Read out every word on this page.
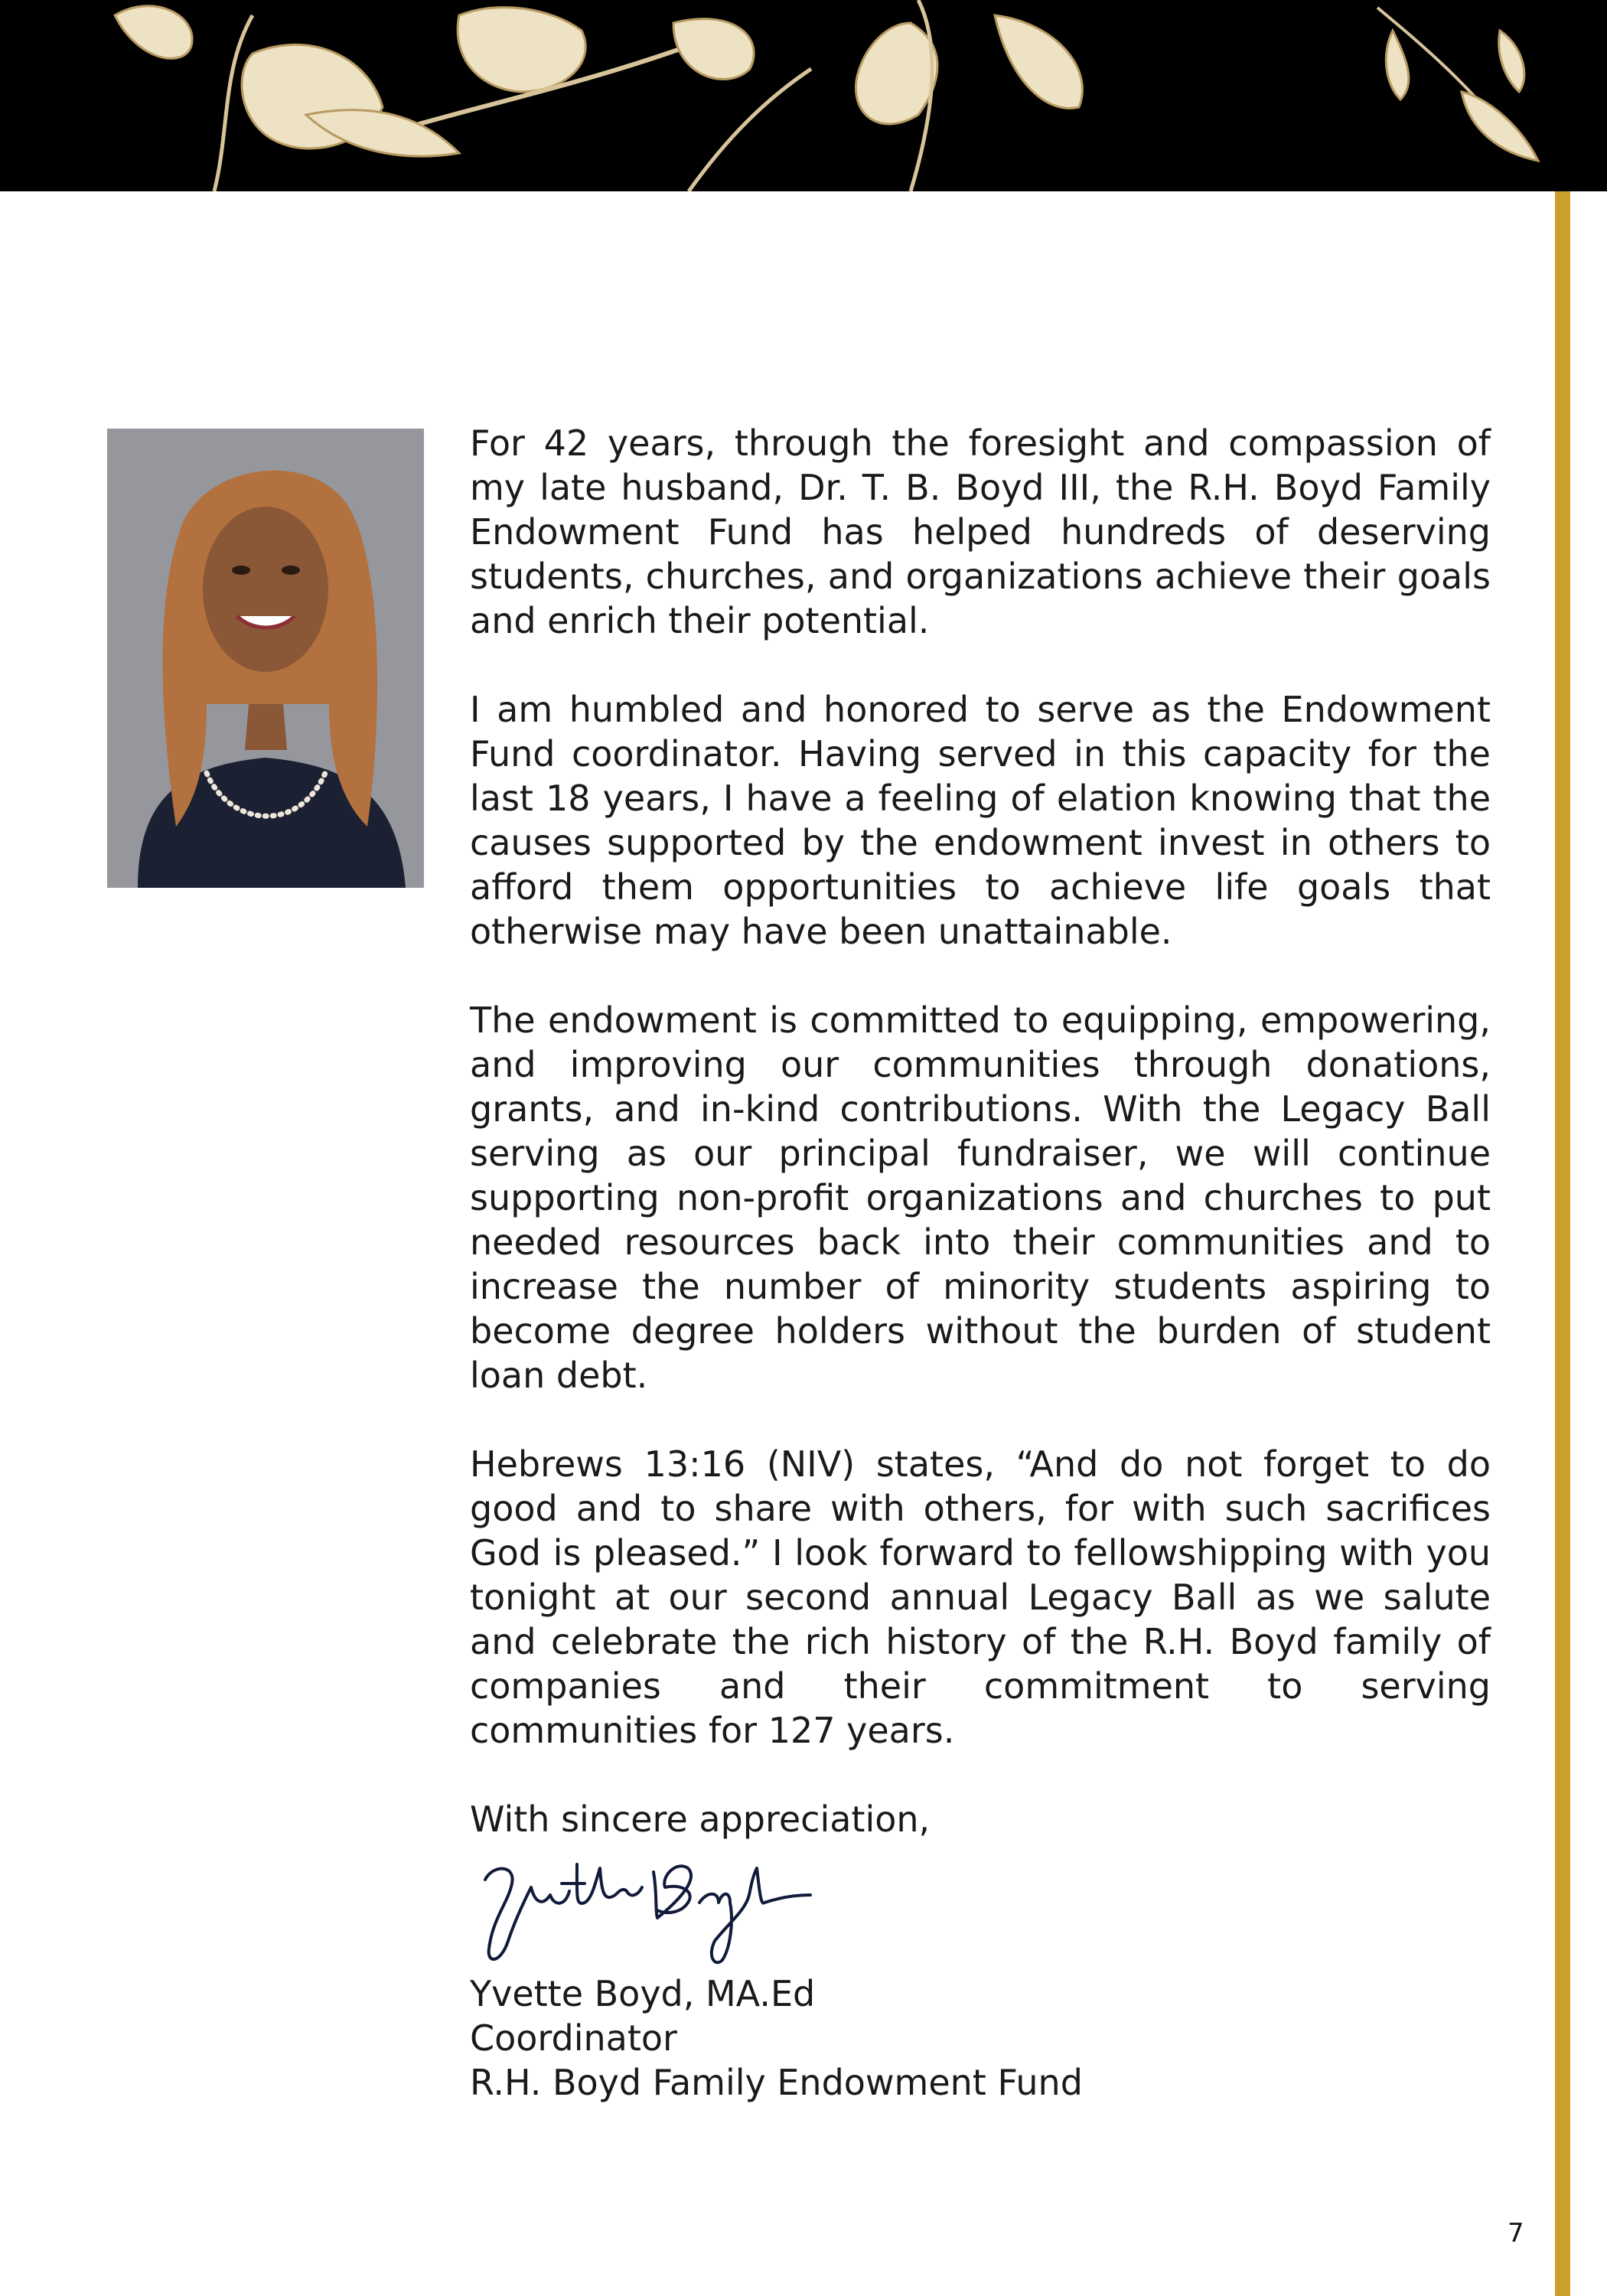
For 42 years, through the foresight and compassion of my late husband, Dr. T. B. Boyd III, the R.H. Boyd Family Endowment Fund has helped hundreds of deserving students, churches, and organizations achieve their goals and enrich their potential.

I am humbled and honored to serve as the Endowment Fund coordinator. Having served in this capacity for the last 18 years, I have a feeling of elation knowing that the causes supported by the endowment invest in others to afford them opportunities to achieve life goals that otherwise may have been unattainable.

The endowment is committed to equipping, empowering, and improving our communities through donations, grants, and in-kind contributions. With the Legacy Ball serving as our principal fundraiser, we will continue supporting non-profit organizations and churches to put needed resources back into their communities and to increase the number of minority students aspiring to become degree holders without the burden of student loan debt.

Hebrews 13:16 (NIV) states, “And do not forget to do good and to share with others, for with such sacrifices God is pleased.” I look forward to fellowshipping with you tonight at our second annual Legacy Ball as we salute and celebrate the rich history of the R.H. Boyd family of companies and their commitment to serving communities for 127 years.

With sincere appreciation,
Yvette Boyd, MA.Ed
Coordinator
R.H. Boyd Family Endowment Fund
7
